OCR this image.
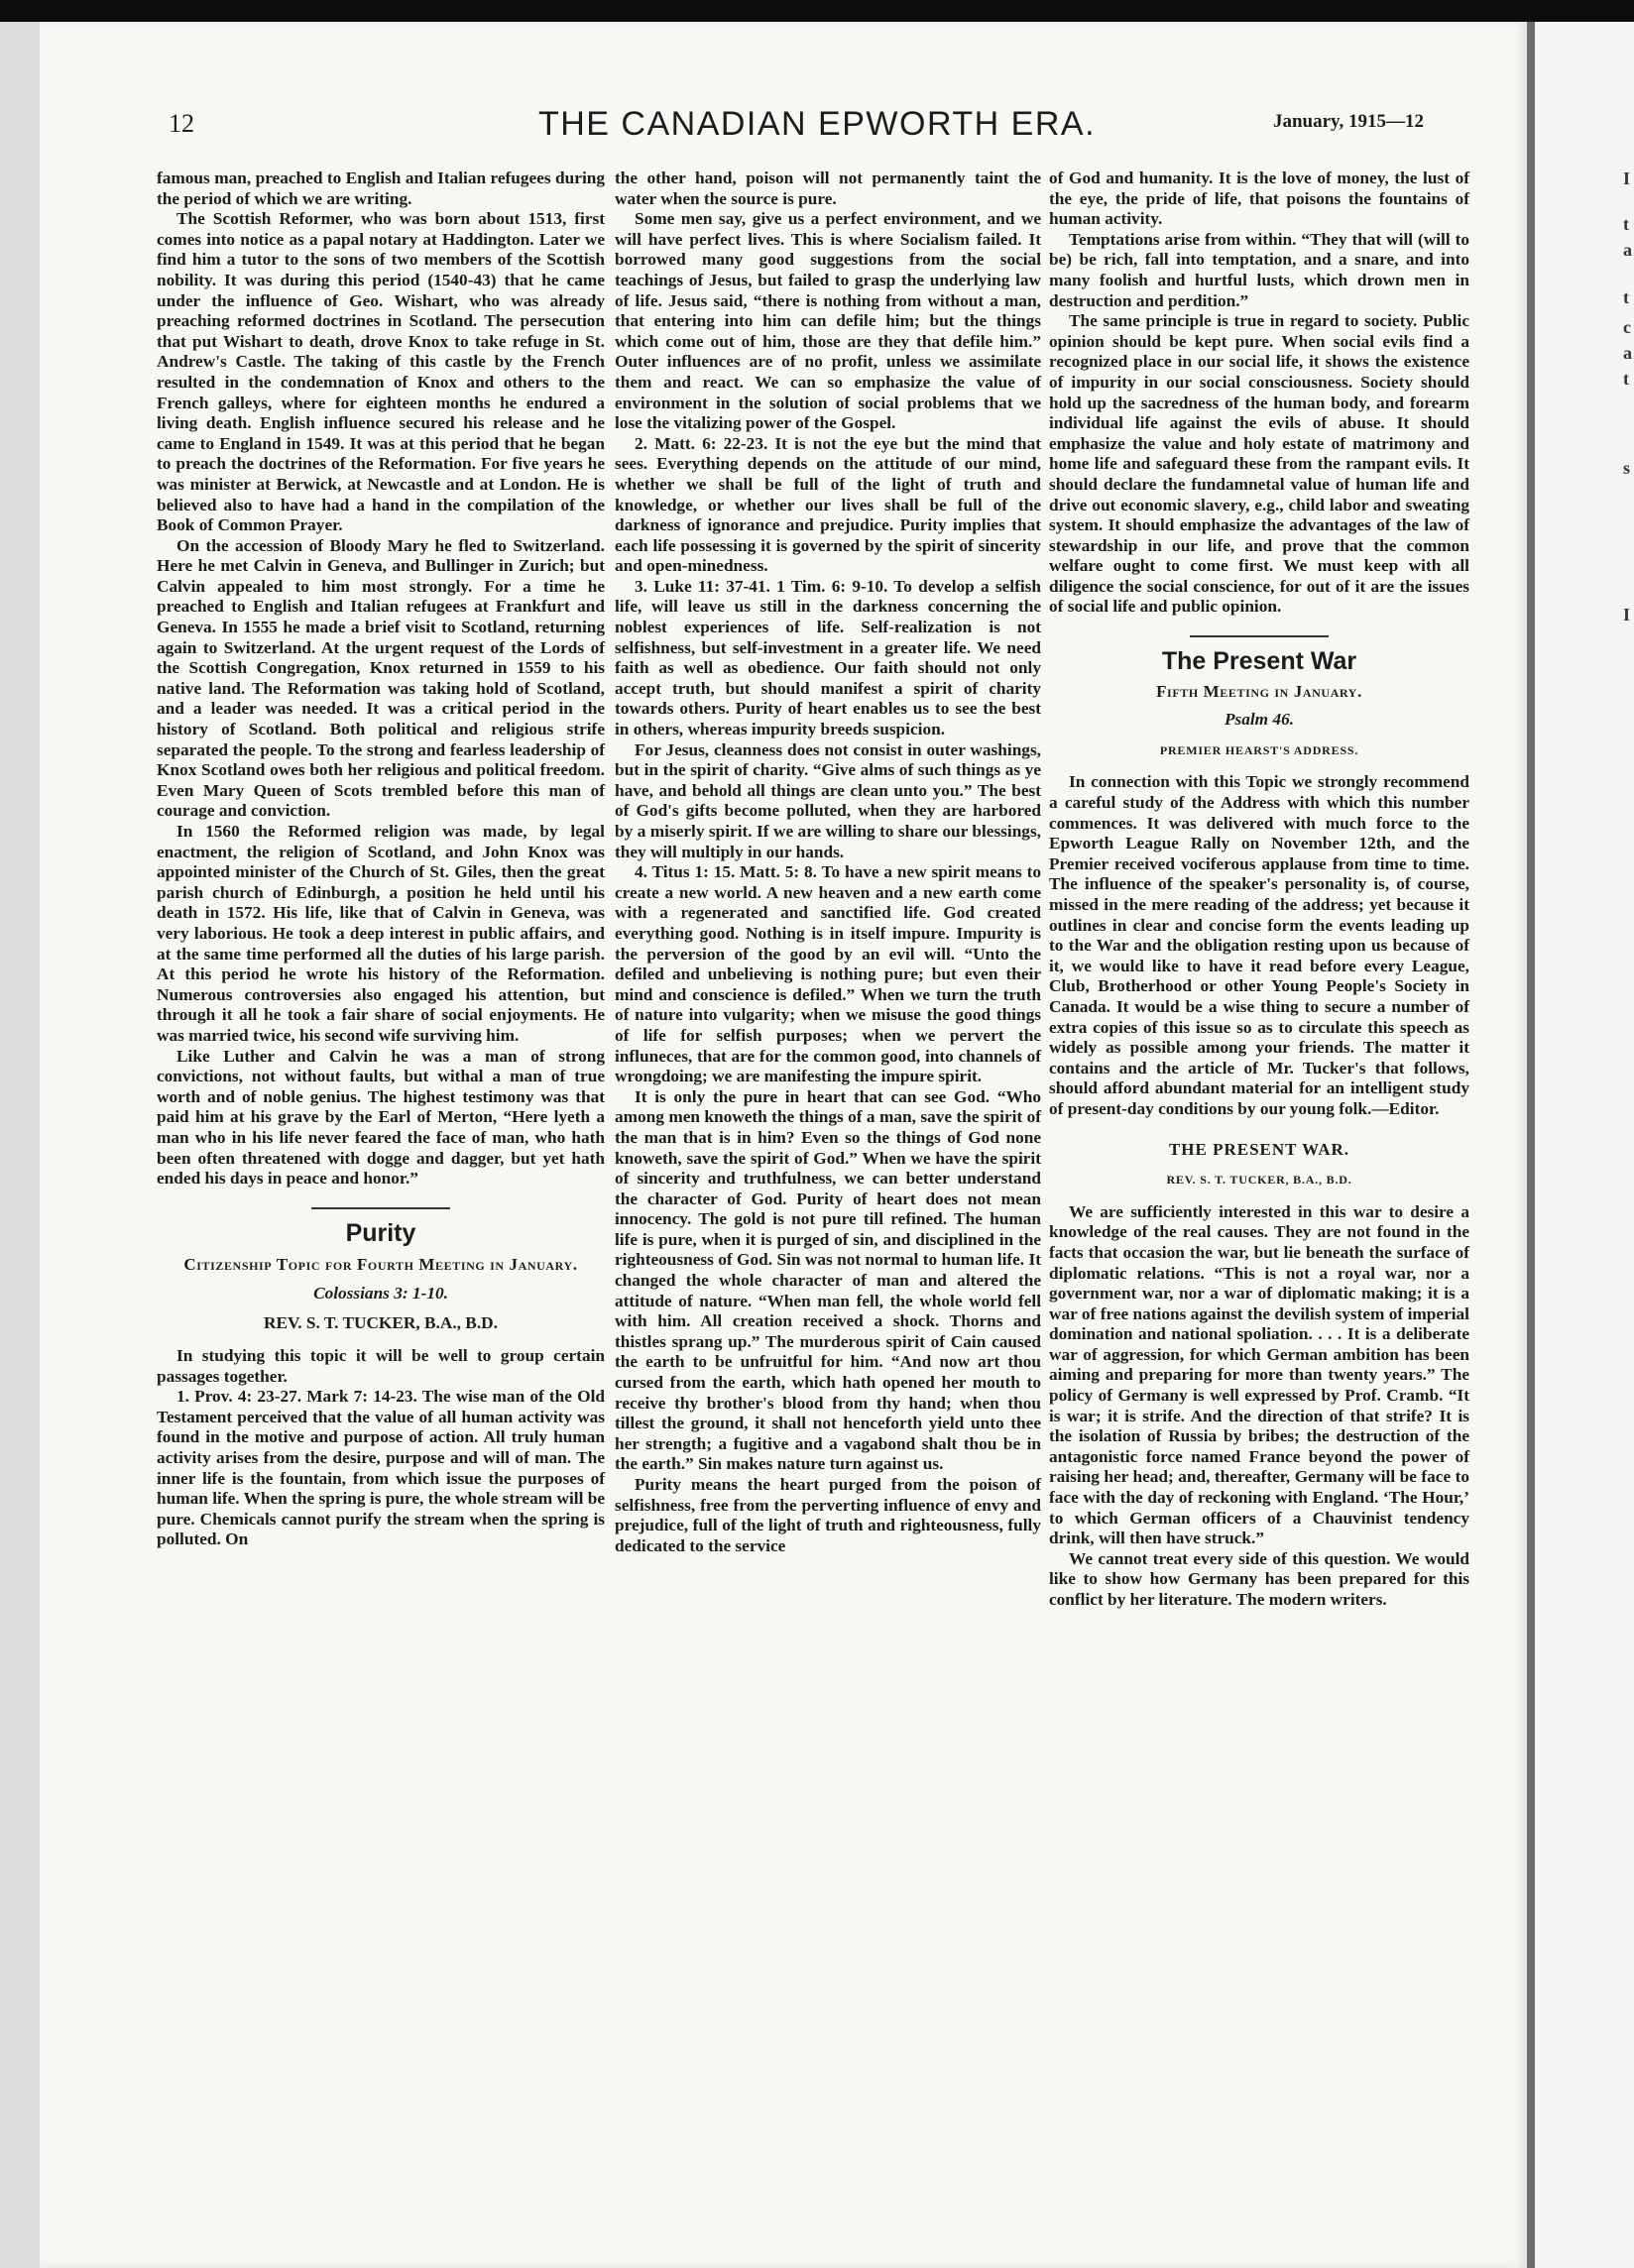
I
t
a
t
c
a
t
s
I
12	THE CANADIAN EPWORTH ERA.	January, 1915—12

famous man, preached to English and Italian refugees during the period of which we are writing.

The Scottish Reformer, who was born about 1513, first comes into notice as a papal notary at Haddington. Later we find him a tutor to the sons of two members of the Scottish nobility. It was during this period (1540-43) that he came under the influence of Geo. Wishart, who was already preaching reformed doctrines in Scotland. The persecution that put Wishart to death, drove Knox to take refuge in St. Andrew's Castle. The taking of this castle by the French resulted in the condemnation of Knox and others to the French galleys, where for eighteen months he endured a living death. English influence secured his release and he came to England in 1549. It was at this period that he began to preach the doctrines of the Reformation. For five years he was minister at Berwick, at Newcastle and at London. He is believed also to have had a hand in the compilation of the Book of Common Prayer.

On the accession of Bloody Mary he fled to Switzerland. Here he met Calvin in Geneva, and Bullinger in Zurich; but Calvin appealed to him most strongly. For a time he preached to English and Italian refugees at Frankfurt and Geneva. In 1555 he made a brief visit to Scotland, returning again to Switzerland. At the urgent request of the Lords of the Scottish Congregation, Knox returned in 1559 to his native land. The Reformation was taking hold of Scotland, and a leader was needed. It was a critical period in the history of Scotland. Both political and religious strife separated the people. To the strong and fearless leadership of Knox Scotland owes both her religious and political freedom. Even Mary Queen of Scots trembled before this man of courage and conviction.

In 1560 the Reformed religion was made, by legal enactment, the religion of Scotland, and John Knox was appointed minister of the Church of St. Giles, then the great parish church of Edinburgh, a position he held until his death in 1572. His life, like that of Calvin in Geneva, was very laborious. He took a deep interest in public affairs, and at the same time performed all the duties of his large parish. At this period he wrote his history of the Reformation. Numerous controversies also engaged his attention, but through it all he took a fair share of social enjoyments. He was married twice, his second wife surviving him.

Like Luther and Calvin he was a man of strong convictions, not without faults, but withal a man of true worth and of noble genius. The highest testimony was that paid him at his grave by the Earl of Merton, “Here lyeth a man who in his life never feared the face of man, who hath been often threatened with dogge and dagger, but yet hath ended his days in peace and honor.”

Purity
Citizenship Topic for Fourth Meeting in January.
Colossians 3: 1-10.
REV. S. T. TUCKER, B.A., B.D.

In studying this topic it will be well to group certain passages together.

1. Prov. 4: 23-27. Mark 7: 14-23. The wise man of the Old Testament perceived that the value of all human activity was found in the motive and purpose of action. All truly human activity arises from the desire, purpose and will of man. The inner life is the fountain, from which issue the purposes of human life. When the spring is pure, the whole stream will be pure. Chemicals cannot purify the stream when the spring is polluted. On

the other hand, poison will not permanently taint the water when the source is pure.

Some men say, give us a perfect environment, and we will have perfect lives. This is where Socialism failed. It borrowed many good suggestions from the social teachings of Jesus, but failed to grasp the underlying law of life. Jesus said, “there is nothing from without a man, that entering into him can defile him; but the things which come out of him, those are they that defile him.” Outer influences are of no profit, unless we assimilate them and react. We can so emphasize the value of environment in the solution of social problems that we lose the vitalizing power of the Gospel.

2. Matt. 6: 22-23. It is not the eye but the mind that sees. Everything depends on the attitude of our mind, whether we shall be full of the light of truth and knowledge, or whether our lives shall be full of the darkness of ignorance and prejudice. Purity implies that each life possessing it is governed by the spirit of sincerity and open-minedness.

3. Luke 11: 37-41. 1 Tim. 6: 9-10. To develop a selfish life, will leave us still in the darkness concerning the noblest experiences of life. Self-realization is not selfishness, but self-investment in a greater life. We need faith as well as obedience. Our faith should not only accept truth, but should manifest a spirit of charity towards others. Purity of heart enables us to see the best in others, whereas impurity breeds suspicion.

For Jesus, cleanness does not consist in outer washings, but in the spirit of charity. “Give alms of such things as ye have, and behold all things are clean unto you.” The best of God's gifts become polluted, when they are harbored by a miserly spirit. If we are willing to share our blessings, they will multiply in our hands.

4. Titus 1: 15. Matt. 5: 8. To have a new spirit means to create a new world. A new heaven and a new earth come with a regenerated and sanctified life. God created everything good. Nothing is in itself impure. Impurity is the perversion of the good by an evil will. “Unto the defiled and unbelieving is nothing pure; but even their mind and conscience is defiled.” When we turn the truth of nature into vulgarity; when we misuse the good things of life for selfish purposes; when we pervert the influneces, that are for the common good, into channels of wrongdoing; we are manifesting the impure spirit.

It is only the pure in heart that can see God. “Who among men knoweth the things of a man, save the spirit of the man that is in him? Even so the things of God none knoweth, save the spirit of God.” When we have the spirit of sincerity and truthfulness, we can better understand the character of God. Purity of heart does not mean innocency. The gold is not pure till refined. The human life is pure, when it is purged of sin, and disciplined in the righteousness of God. Sin was not normal to human life. It changed the whole character of man and altered the attitude of nature. “When man fell, the whole world fell with him. All creation received a shock. Thorns and thistles sprang up.” The murderous spirit of Cain caused the earth to be unfruitful for him. “And now art thou cursed from the earth, which hath opened her mouth to receive thy brother's blood from thy hand; when thou tillest the ground, it shall not henceforth yield unto thee her strength; a fugitive and a vagabond shalt thou be in the earth.” Sin makes nature turn against us.

Purity means the heart purged from the poison of selfishness, free from the perverting influence of envy and prejudice, full of the light of truth and righteousness, fully dedicated to the service

of God and humanity. It is the love of money, the lust of the eye, the pride of life, that poisons the fountains of human activity.

Temptations arise from within. “They that will (will to be) be rich, fall into temptation, and a snare, and into many foolish and hurtful lusts, which drown men in destruction and perdition.”

The same principle is true in regard to society. Public opinion should be kept pure. When social evils find a recognized place in our social life, it shows the existence of impurity in our social consciousness. Society should hold up the sacredness of the human body, and forearm individual life against the evils of abuse. It should emphasize the value and holy estate of matrimony and home life and safeguard these from the rampant evils. It should declare the fundamnetal value of human life and drive out economic slavery, e.g., child labor and sweating system. It should emphasize the advantages of the law of stewardship in our life, and prove that the common welfare ought to come first. We must keep with all diligence the social conscience, for out of it are the issues of social life and public opinion.

The Present War
Fifth Meeting in January.
Psalm 46.
PREMIER HEARST'S ADDRESS.

In connection with this Topic we strongly recommend a careful study of the Address with which this number commences. It was delivered with much force to the Epworth League Rally on November 12th, and the Premier received vociferous applause from time to time. The influence of the speaker's personality is, of course, missed in the mere reading of the address; yet because it outlines in clear and concise form the events leading up to the War and the obligation resting upon us because of it, we would like to have it read before every League, Club, Brotherhood or other Young People's Society in Canada. It would be a wise thing to secure a number of extra copies of this issue so as to circulate this speech as widely as possible among your friends. The matter it contains and the article of Mr. Tucker's that follows, should afford abundant material for an intelligent study of present-day conditions by our young folk.—Editor.

THE PRESENT WAR.
REV. S. T. TUCKER, B.A., B.D.

We are sufficiently interested in this war to desire a knowledge of the real causes. They are not found in the facts that occasion the war, but lie beneath the surface of diplomatic relations. “This is not a royal war, nor a government war, nor a war of diplomatic making; it is a war of free nations against the devilish system of imperial domination and national spoliation. . . . It is a deliberate war of aggression, for which German ambition has been aiming and preparing for more than twenty years.” The policy of Germany is well expressed by Prof. Cramb. “It is war; it is strife. And the direction of that strife? It is the isolation of Russia by bribes; the destruction of the antagonistic force named France beyond the power of raising her head; and, thereafter, Germany will be face to face with the day of reckoning with England. ‘The Hour,’ to which German officers of a Chauvinist tendency drink, will then have struck.”

We cannot treat every side of this question. We would like to show how Germany has been prepared for this conflict by her literature. The modern writers.
